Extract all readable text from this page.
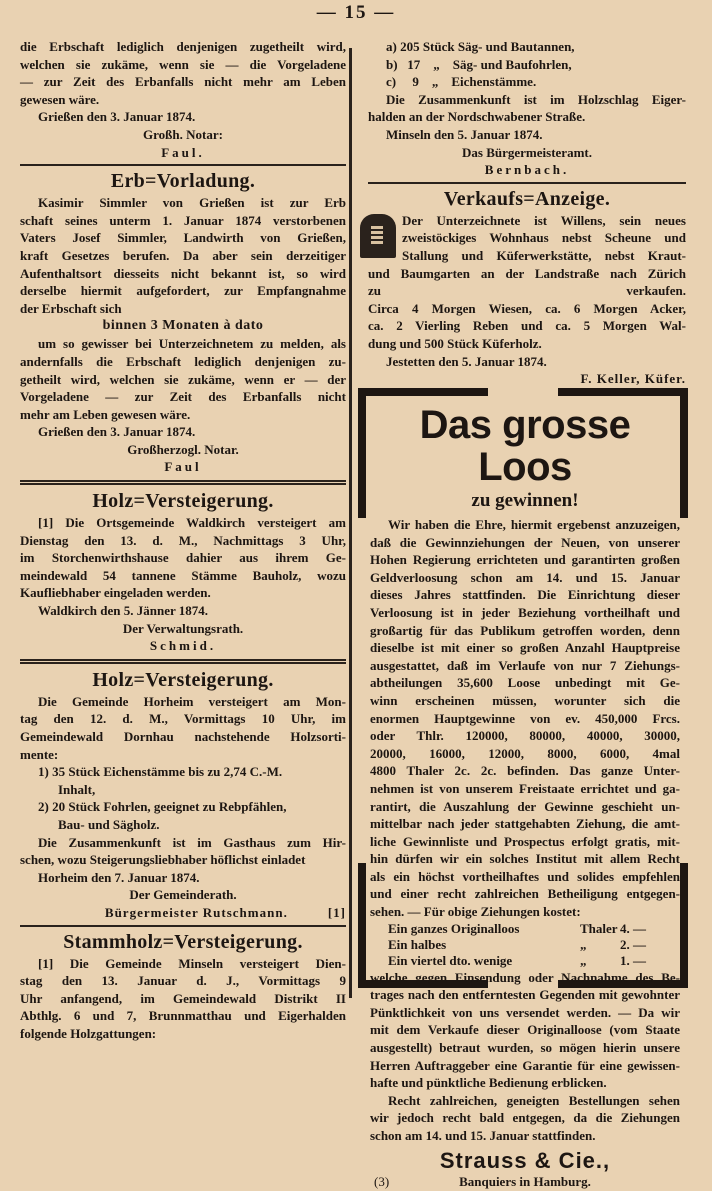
— 15 —
die Erbschaft lediglich denjenigen zugetheilt wird,
welchen sie zukäme, wenn sie — die Vorgeladene
— zur Zeit des Erbanfalls nicht mehr am Leben
gewesen wäre.
Grießen den 3. Januar 1874.
Großh. Notar:
Faul.
Erb=Vorladung.
Kasimir Simmler von Grießen ist zur Erb
schaft seines unterm 1. Januar 1874 verstorbenen
Vaters Josef Simmler, Landwirth von Grießen,
kraft Gesetzes berufen. Da aber sein derzeitiger
Aufenthaltsort diesseits nicht bekannt ist, so wird
derselbe hiermit aufgefordert, zur Empfangnahme
der Erbschaft sich
binnen 3 Monaten à dato
um so gewisser bei Unterzeichnetem zu melden, als
andernfalls die Erbschaft lediglich denjenigen zu-
getheilt wird, welchen sie zukäme, wenn er — der
Vorgeladene — zur Zeit des Erbanfalls nicht
mehr am Leben gewesen wäre.
Grießen den 3. Januar 1874.
Großherzogl. Notar.
Faul
Holz=Versteigerung.
[1] Die Ortsgemeinde Waldkirch versteigert am
Dienstag den 13. d. M., Nachmittags 3 Uhr,
im Storchenwirthshause dahier aus ihrem Ge-
meindewald 54 tannene Stämme Bauholz, wozu
Kaufliebhaber eingeladen werden.
Waldkirch den 5. Jänner 1874.
Der Verwaltungsrath.
Schmid.
Holz=Versteigerung.
Die Gemeinde Horheim versteigert am Mon-
tag den 12. d. M., Vormittags 10 Uhr, im
Gemeindewald Dornhau nachstehende Holzsorti-
mente:
1) 35 Stück Eichenstämme bis zu 2,74 C.-M.
Inhalt,
2) 20 Stück Fohrlen, geeignet zu Rebpfählen,
Bau- und Sägholz.
Die Zusammenkunft ist im Gasthaus zum Hir-
schen, wozu Steigerungsliebhaber höflichst einladet
Horheim den 7. Januar 1874.
Der Gemeinderath.
Bürgermeister Rutschmann.	[1]
Stammholz=Versteigerung.
[1] Die Gemeinde Minseln versteigert Dien-
stag den 13. Januar d. J., Vormittags 9
Uhr anfangend, im Gemeindewald Distrikt II
Abthlg. 6 und 7, Brunnmatthau und Eigerhalden
folgende Holzgattungen:
a) 205 Stück Säg- und Bautannen,
b)   17    „    Säg- und Baufohrlen,
c)     9    „    Eichenstämme.
Die Zusammenkunft ist im Holzschlag Eiger-
halden an der Nordschwabener Straße.
Minseln den 5. Januar 1874.
Das Bürgermeisteramt.
Bernbach.
Verkaufs=Anzeige.
Der Unterzeichnete ist Willens, sein neues
zweistöckiges Wohnhaus nebst Scheune und
Stallung und Küferwerkstätte, nebst Kraut-
und Baumgarten an der Landstraße nach Zürich
zu verkaufen.
Circa 4 Morgen Wiesen, ca. 6 Morgen Acker,
ca. 2 Vierling Reben und ca. 5 Morgen Wal-
dung und 500 Stück Küferholz.
Jestetten den 5. Januar 1874.
F. Keller, Küfer.
Das grosse Loos
zu gewinnen!
Wir haben die Ehre, hiermit ergebenst anzuzeigen,
daß die Gewinnziehungen der Neuen, von unserer
Hohen Regierung errichteten und garantirten großen
Geldverloosung schon am 14. und 15. Januar
dieses Jahres stattfinden. Die Einrichtung dieser
Verloosung ist in jeder Beziehung vortheilhaft und
großartig für das Publikum getroffen worden, denn
dieselbe ist mit einer so großen Anzahl Hauptpreise
ausgestattet, daß im Verlaufe von nur 7 Ziehungs-
abtheilungen 35,600 Loose unbedingt mit Ge-
winn erscheinen müssen, worunter sich die
enormen Hauptgewinne von ev. 450,000 Frcs.
oder Thlr. 120000, 80000, 40000, 30000,
20000, 16000, 12000, 8000, 6000, 4mal
4800 Thaler 2c. 2c. befinden. Das ganze Unter-
nehmen ist von unserem Freistaate errichtet und ga-
rantirt, die Auszahlung der Gewinne geschieht un-
mittelbar nach jeder stattgehabten Ziehung, die amt-
liche Gewinnliste und Prospectus erfolgt gratis, mit-
hin dürfen wir ein solches Institut mit allem Recht
als ein höchst vortheilhaftes und solides empfehlen
und einer recht zahlreichen Betheiligung entgegen-
sehen. — Für obige Ziehungen kostet:
Ein ganzes Originalloos	Thaler 4. —
Ein halbes	„	2. —
Ein viertel dto. wenige	„	1. —
welche gegen Einsendung oder Nachnahme des Be-
trages nach den entferntesten Gegenden mit gewohnter
Pünktlichkeit von uns versendet werden. — Da wir
mit dem Verkaufe dieser Originalloose (vom Staate
ausgestellt) betraut wurden, so mögen hierin unsere
Herren Auftraggeber eine Garantie für eine gewissen-
hafte und pünktliche Bedienung erblicken.
Recht zahlreichen, geneigten Bestellungen sehen
wir jedoch recht bald entgegen, da die Ziehungen
schon am 14. und 15. Januar stattfinden.
Strauss & Cie.,
(3)	Banquiers in Hamburg.
